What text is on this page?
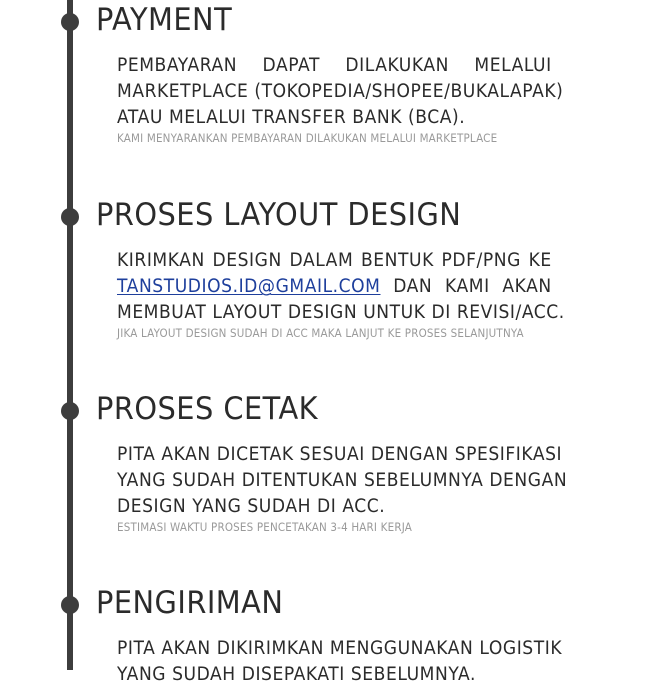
PAYMENT

PEMBAYARAN DAPAT DILAKUKAN MELALUI
MARKETPLACE (TOKOPEDIA/SHOPEE/BUKALAPAK)
ATAU MELALUI TRANSFER BANK (BCA).

KAMI MENYARANKAN PEMBAYARAN DILAKUKAN MELALUI MARKETPLACE

PROSES LAYOUT DESIGN

KIRIMKAN DESIGN DALAM BENTUK PDF/PNG KE
TANSTUDIOS.ID@GMAIL.COM DAN KAMI AKAN
MEMBUAT LAYOUT DESIGN UNTUK DI REVISI/ACC.

JIKA LAYOUT DESIGN SUDAH DI ACC MAKA LANJUT KE PROSES SELANJUTNYA

PROSES CETAK

PITA AKAN DICETAK SESUAI DENGAN SPESIFIKASI
YANG SUDAH DITENTUKAN SEBELUMNYA DENGAN
DESIGN YANG SUDAH DI ACC.

ESTIMASI WAKTU PROSES PENCETAKAN 3-4 HARI KERJA

PENGIRIMAN

PITA AKAN DIKIRIMKAN MENGGUNAKAN LOGISTIK
YANG SUDAH DISEPAKATI SEBELUMNYA.
